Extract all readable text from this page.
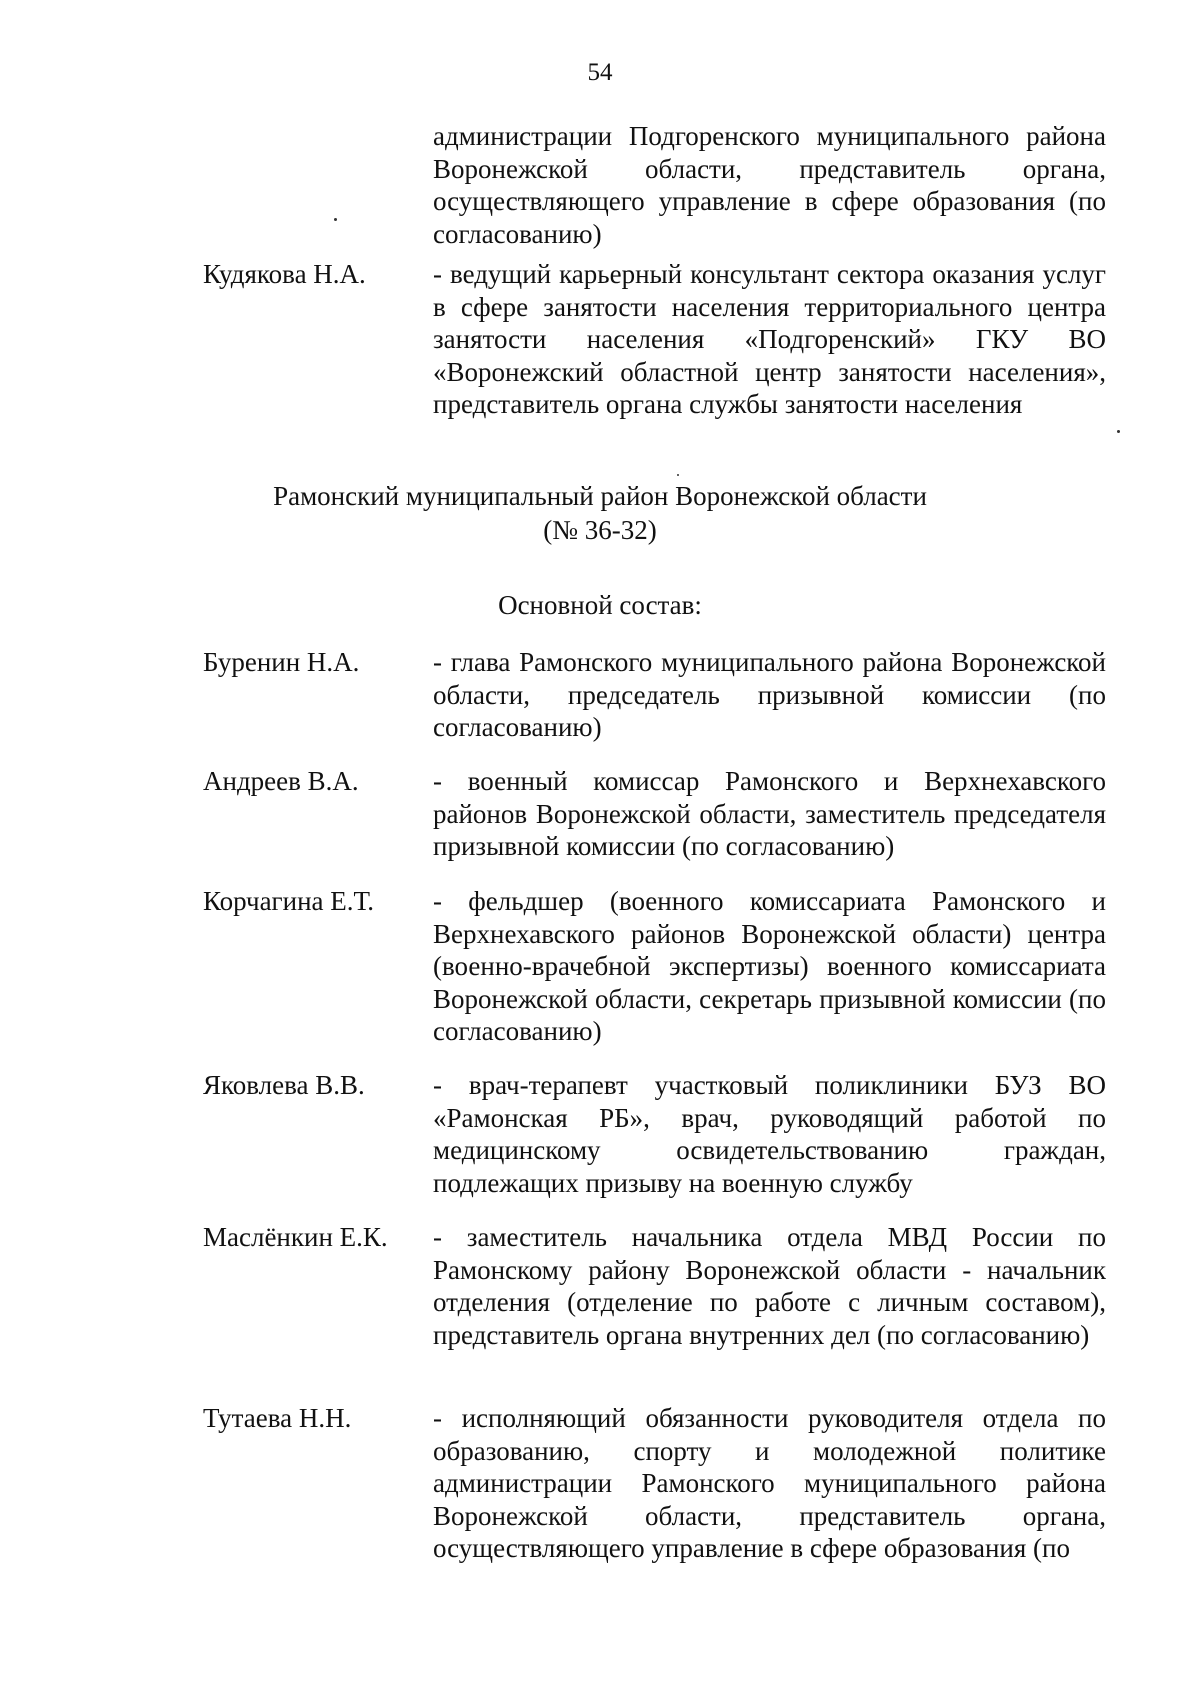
54
администрации Подгоренского муниципального района Воронежской области, представитель органа, осуществляющего управление в сфере образования (по согласованию)
Кудякова Н.А. - ведущий карьерный консультант сектора оказания услуг в сфере занятости населения территориального центра занятости населения «Подгоренский» ГКУ ВО «Воронежский областной центр занятости населения», представитель органа службы занятости населения
Рамонский муниципальный район Воронежской области
(№ 36-32)
Основной состав:
Буренин Н.А.	- глава Рамонского муниципального района Воронежской области, председатель призывной комиссии (по согласованию)
Андреев В.А.	- военный комиссар Рамонского и Верхнехавского районов Воронежской области, заместитель председателя призывной комиссии (по согласованию)
Корчагина Е.Т. - фельдшер (военного комиссариата Рамонского и Верхнехавского районов Воронежской области) центра (военно-врачебной экспертизы) военного комиссариата Воронежской области, секретарь призывной комиссии (по согласованию)
Яковлева В.В.	- врач-терапевт участковый поликлиники БУЗ ВО «Рамонская РБ», врач, руководящий работой по медицинскому освидетельствованию граждан, подлежащих призыву на военную службу
Маслёнкин Е.К. - заместитель начальника отдела МВД России по Рамонскому району Воронежской области - начальник отделения (отделение по работе с личным составом), представитель органа внутренних дел (по согласованию)
Тутаева Н.Н.	- исполняющий обязанности руководителя отдела по образованию, спорту и молодежной политике администрации Рамонского муниципального района Воронежской области, представитель органа, осуществляющего управление в сфере образования (по
